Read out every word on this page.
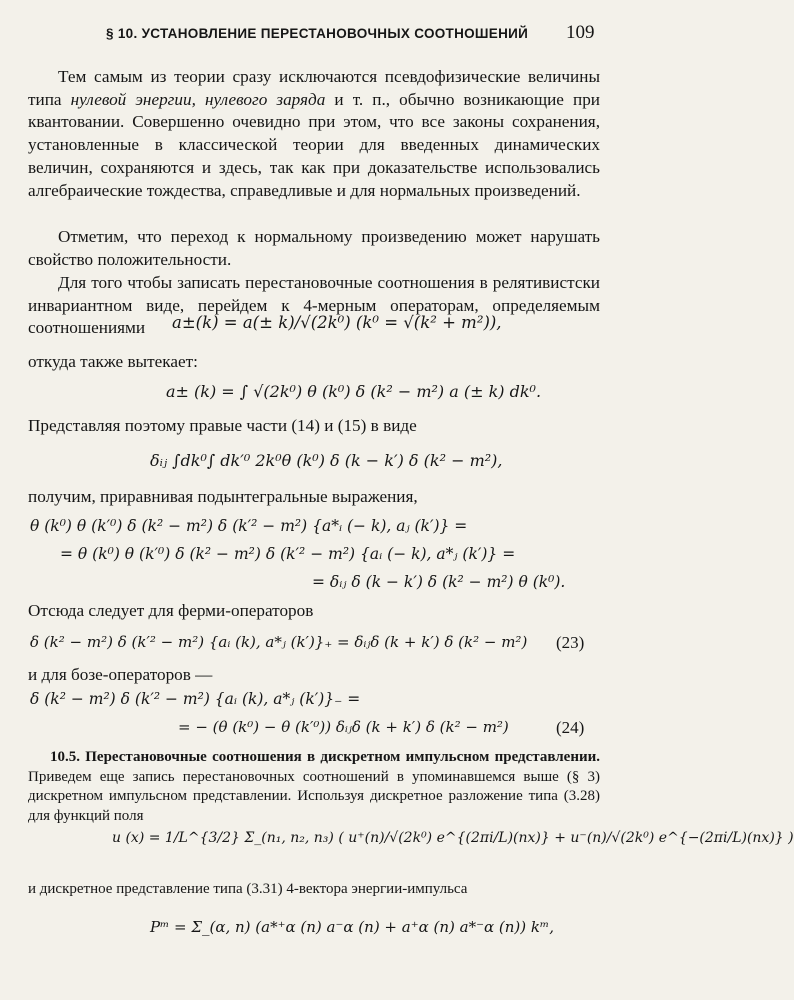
§ 10. УСТАНОВЛЕНИЕ ПЕРЕСТАНОВОЧНЫХ СООТНОШЕНИЙ 109
Тем самым из теории сразу исключаются псевдофизические величины типа нулевой энергии, нулевого заряда и т. п., обычно возникающие при квантовании. Совершенно очевидно при этом, что все законы сохранения, установленные в классической теории для введенных динамических величин, сохраняются и здесь, так как при доказательстве использовались алгебраические тождества, справедливые и для нормальных произведений.
Отметим, что переход к нормальному произведению может нарушать свойство положительности.
Для того чтобы записать перестановочные соотношения в релятивистски инвариантном виде, перейдем к 4-мерным операторам, определяемым соотношениями	a±(k) = a(± k)/√(2k⁰) (k⁰ = √(k² + m²)),
откуда также вытекает:
a± (k) = ∫ √(2k⁰) θ (k⁰) δ (k² − m²) a (± k) dk⁰.
Представляя поэтому правые части (14) и (15) в виде
δᵢⱼ ∫dk⁰∫ dk′⁰ 2k⁰θ (k⁰) δ (k − k′) δ (k² − m²),
получим, приравнивая подынтегральные выражения,
θ (k⁰) θ (k′⁰) δ (k² − m²) δ (k′² − m²) {a*ᵢ (− k), aⱼ (k′)} =
= θ (k⁰) θ (k′⁰) δ (k² − m²) δ (k′² − m²) {aᵢ (− k), a*ⱼ (k′)} =
= δᵢⱼ δ (k − k′) δ (k² − m²) θ (k⁰).
Отсюда следует для ферми-операторов
δ (k² − m²) δ (k′² − m²) {aᵢ (k), a*ⱼ (k′)}₊ = δᵢⱼδ (k + k′) δ (k² − m²) (23)
и для бозе-операторов —
δ (k² − m²) δ (k′² − m²) {aᵢ (k), a*ⱼ (k′)}₋ =
= − (θ (k⁰) − θ (k′⁰)) δᵢⱼδ (k + k′) δ (k² − m²)	(24)
10.5. Перестановочные соотношения в дискретном импульсном представлении. Приведем еще запись перестановочных соотношений в упоминавшемся выше (§ 3) дискретном импульсном представлении. Используя дискретное разложение типа (3.28) для функций поля
u (x) = 1/L^{3/2} Σ_(n₁, n₂, n₃) ( u⁺(n)/√(2k⁰) e^{(2πi/L)(nx)} + u⁻(n)/√(2k⁰) e^{−(2πi/L)(nx)} )
и дискретное представление типа (3.31) 4-вектора энергии-импульса
Pᵐ = Σ_(α, n) (a*⁺α (n) a⁻α (n) + a⁺α (n) a*⁻α (n)) kᵐ,
